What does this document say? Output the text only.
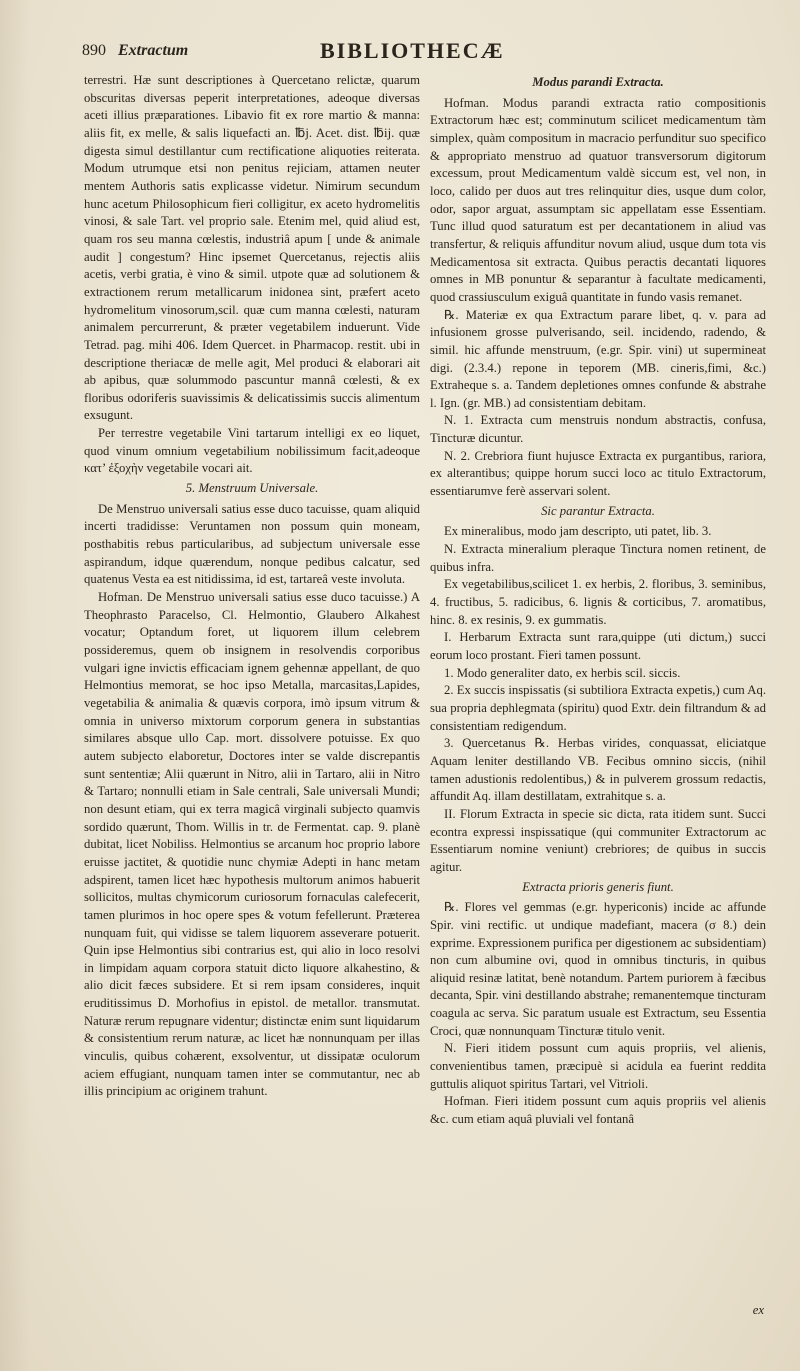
890 Extractum	BIBLIOTHECÆ

terrestri. Hæ sunt descriptiones à Quercetano relictæ, quarum obscuritas diversas peperit interpretationes, adeoque diversas aceti illius præparationes. Libavio fit ex rore martio & manna: aliis fit, ex melle, & salis liquefacti an. ℔j. Acet. dist. ℔ij. quæ digesta simul destillantur cum rectificatione aliquoties reiterata. Modum utrumque etsi non penitus rejiciam, attamen neuter mentem Authoris satis explicasse videtur. Nimirum secundum hunc acetum Philosophicum fieri colligitur, ex aceto hydromelitis vinosi, & sale Tart. vel proprio sale. Etenim mel, quid aliud est, quam ros seu manna cœlestis, industriâ apum [ unde & animale audit ] congestum? Hinc ipsemet Quercetanus, rejectis aliis acetis, verbi gratia, è vino & simil. utpote quæ ad solutionem & extractionem rerum metallicarum inidonea sint, præfert aceto hydromelitum vinosorum,scil. quæ cum manna cœlesti, naturam animalem percurrerunt, & præter vegetabilem induerunt. Vide Tetrad. pag. mihi 406. Idem Quercet. in Pharmacop. restit. ubi in descriptione theriacæ de melle agit, Mel produci & elaborari ait ab apibus, quæ solummodo pascuntur mannâ cœlesti, & ex floribus odoriferis suavissimis & delicatissimis succis alimentum exsugunt.

Per terrestre vegetabile Vini tartarum intelligi ex eo liquet, quod vinum omnium vegetabilium nobilissimum facit,adeoque κατ’ ἐξοχὴν vegetabile vocari ait.

5. Menstruum Universale.

De Menstruo universali satius esse duco tacuisse, quam aliquid incerti tradidisse: Veruntamen non possum quin moneam, posthabitis rebus particularibus, ad subjectum universale esse aspirandum, idque quærendum, nonque pedibus calcatur, sed quatenus Vesta ea est nitidissima, id est, tartareâ veste involuta.

Hofman. De Menstruo universali satius esse duco tacuisse.) A Theophrasto Paracelso, Cl. Helmontio, Glaubero Alkahest vocatur; Optandum foret, ut liquorem illum celebrem possideremus, quem ob insignem in resolvendis corporibus vulgari igne invictis efficaciam ignem gehennæ appellant, de quo Helmontius memorat, se hoc ipso Metalla, marcasitas,Lapides, vegetabilia & animalia & quævis corpora, imò ipsum vitrum & omnia in universo mixtorum corporum genera in substantias similares absque ullo Cap. mort. dissolvere potuisse. Ex quo autem subjecto elaboretur, Doctores inter se valde discrepantis sunt sententiæ; Alii quærunt in Nitro, alii in Tartaro, alii in Nitro & Tartaro; nonnulli etiam in Sale centrali, Sale universali Mundi; non desunt etiam, qui ex terra magicâ virginali subjecto quamvis sordido quærunt, Thom. Willis in tr. de Fermentat. cap. 9. planè dubitat, licet Nobiliss. Helmontius se arcanum hoc proprio labore eruisse jactitet, & quotidie nunc chymiæ Adepti in hanc metam adspirent, tamen licet hæc hypothesis multorum animos habuerit sollicitos, multas chymicorum curiosorum fornaculas calefecerit, tamen plurimos in hoc opere spes & votum fefellerunt. Præterea nunquam fuit, qui vidisse se talem liquorem asseverare potuerit. Quin ipse Helmontius sibi contrarius est, qui alio in loco resolvi in limpidam aquam corpora statuit dicto liquore alkahestino, & alio dicit fæces subsidere. Et si rem ipsam consideres, inquit eruditissimus D. Morhofius in epistol. de metallor. transmutat. Naturæ rerum repugnare videntur; distinctæ enim sunt liquidarum & consistentium rerum naturæ, ac licet hæ nonnunquam per illas vinculis, quibus cohærent, exsolventur, ut dissipatæ oculorum aciem effugiant, nunquam tamen inter se commutantur, nec ab illis principium ac originem trahunt.

Modus parandi Extracta.

Hofman. Modus parandi extracta ratio compositionis Extractorum hæc est; comminutum scilicet medicamentum tàm simplex, quàm compositum in macracio perfunditur suo specifico & appropriato menstruo ad quatuor transversorum digitorum excessum, prout Medicamentum valdè siccum est, vel non, in loco, calido per duos aut tres relinquitur dies, usque dum color, odor, sapor arguat, assumptam sic appellatam esse Essentiam. Tunc illud quod saturatum est per decantationem in aliud vas transfertur, & reliquis affunditur novum aliud, usque dum tota vis Medicamentosa sit extracta. Quibus peractis decantati liquores omnes in MB ponuntur & separantur à facultate medicamenti, quod crassiusculum exiguâ quantitate in fundo vasis remanet.

℞. Materiæ ex qua Extractum parare libet, q. v. para ad infusionem grosse pulverisando, seil. incidendo, radendo, & simil. hic affunde menstruum, (e.gr. Spir. vini) ut supermineat digi. (2.3.4.) repone in teporem (MB. cineris,fimi, &c.) Extraheque s. a. Tandem depletiones omnes confunde & abstrahe l. Ign. (gr. MB.) ad consistentiam debitam.

N. 1. Extracta cum menstruis nondum abstractis, confusa, Tincturæ dicuntur.

N. 2. Crebriora fiunt hujusce Extracta ex purgantibus, rariora, ex alterantibus; quippe horum succi loco ac titulo Extractorum, essentiarumve ferè asservari solent.

Sic parantur Extracta.

Ex mineralibus, modo jam descripto, uti patet, lib. 3.

N. Extracta mineralium pleraque Tinctura nomen retinent, de quibus infra.

Ex vegetabilibus,scilicet 1. ex herbis, 2. floribus, 3. seminibus, 4. fructibus, 5. radicibus, 6. lignis & corticibus, 7. aromatibus, hinc. 8. ex resinis, 9. ex gummatis.

I. Herbarum Extracta sunt rara,quippe (uti dictum,) succi eorum loco prostant. Fieri tamen possunt.

1. Modo generaliter dato, ex herbis scil. siccis.

2. Ex succis inspissatis (si subtiliora Extracta expetis,) cum Aq. sua propria dephlegmata (spiritu) quod Extr. dein filtrandum & ad consistentiam redigendum.

3. Quercetanus ℞. Herbas virides, conquassat, eliciatque Aquam leniter destillando VB. Fecibus omnino siccis, (nihil tamen adustionis redolentibus,) & in pulverem grossum redactis, affundit Aq. illam destillatam, extrahitque s. a.

II. Florum Extracta in specie sic dicta, rata itidem sunt. Succi econtra expressi inspissatique (qui communiter Extractorum ac Essentiarum nomine veniunt) crebriores; de quibus in succis agitur.

Extracta prioris generis fiunt.

℞. Flores vel gemmas (e.gr. hypericonis) incide ac affunde Spir. vini rectific. ut undique madefiant, macera (σ 8.) dein exprime. Expressionem purifica per digestionem ac subsidentiam) non cum albumine ovi, quod in omnibus tincturis, in quibus aliquid resinæ latitat, benè notandum. Partem puriorem à fæcibus decanta, Spir. vini destillando abstrahe; remanentemque tincturam coagula ac serva. Sic paratum usuale est Extractum, seu Essentia Croci, quæ nonnunquam Tincturæ titulo venit.

N. Fieri itidem possunt cum aquis propriis, vel alienis, convenientibus tamen, præcipuè si acidula ea fuerint reddita guttulis aliquot spiritus Tartari, vel Vitrioli.

Hofman. Fieri itidem possunt cum aquis propriis vel alienis &c. cum etiam aquâ pluviali vel fontanâ

ex
